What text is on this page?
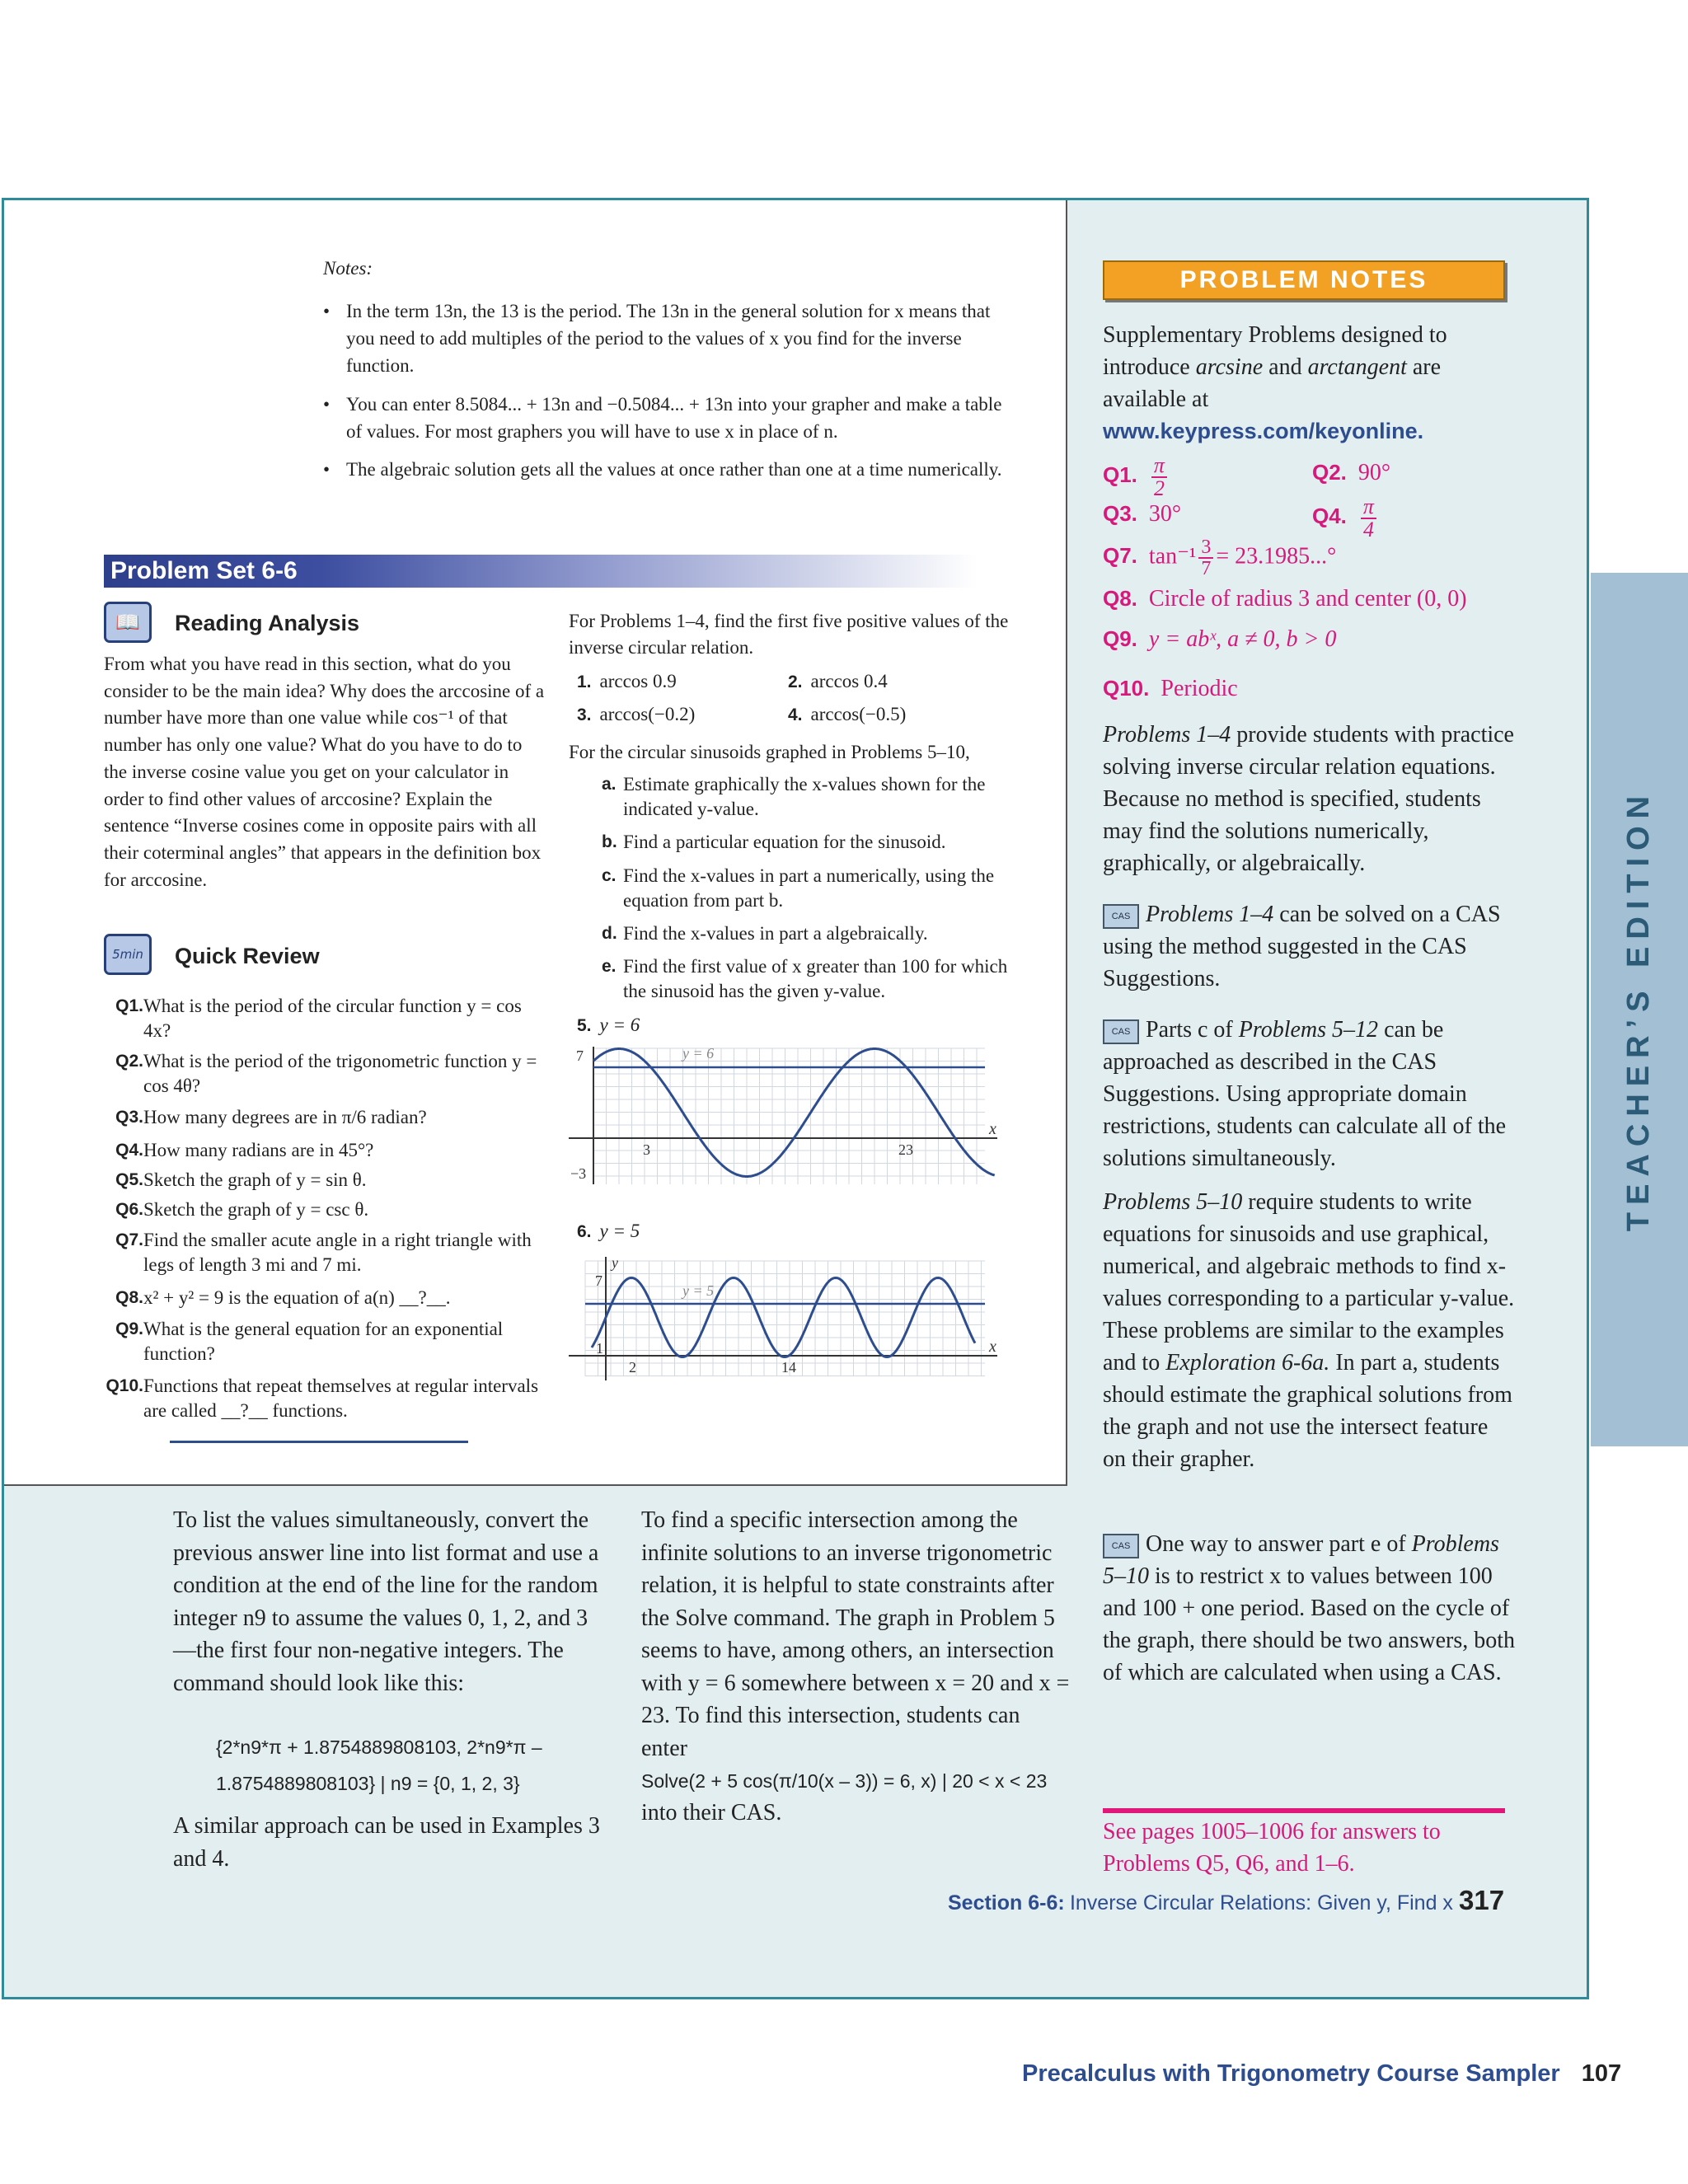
TEACHER’S EDITION
Notes:
• In the term 13n, the 13 is the period. The 13n in the general solution for x means that you need to add multiples of the period to the values of x you find for the inverse function.
• You can enter 8.5084... + 13n and −0.5084... + 13n into your grapher and make a table of values. For most graphers you will have to use x in place of n.
• The algebraic solution gets all the values at once rather than one at a time numerically.
Problem Set 6-6
📖	Reading Analysis
From what you have read in this section, what do you consider to be the main idea? Why does the arccosine of a number have more than one value while cos⁻¹ of that number has only one value? What do you have to do to the inverse cosine value you get on your calculator in order to find other values of arccosine? Explain the sentence “Inverse cosines come in opposite pairs with all their coterminal angles” that appears in the definition box for arccosine.
5min Quick Review
Q1. What is the period of the circular function y = cos 4x?
Q2. What is the period of the trigonometric function y = cos 4θ?
Q3. How many degrees are in π/6 radian?
Q4. How many radians are in 45°?
Q5. Sketch the graph of y = sin θ.
Q6. Sketch the graph of y = csc θ.
Q7. Find the smaller acute angle in a right triangle with legs of length 3 mi and 7 mi.
Q8. x² + y² = 9 is the equation of a(n) __?__.
Q9. What is the general equation for an exponential function?
Q10. Functions that repeat themselves at regular intervals are called __?__ functions.
For Problems 1–4, find the first five positive values of the inverse circular relation.
1. arccos 0.9	2. arccos 0.4
3. arccos(−0.2)	4. arccos(−0.5)
For the circular sinusoids graphed in Problems 5–10,
a. Estimate graphically the x-values shown for the indicated y-value.
b. Find a particular equation for the sinusoid.
c. Find the x-values in part a numerically, using the equation from part b.
d. Find the x-values in part a algebraically.
e. Find the first value of x greater than 100 for which the sinusoid has the given y-value.
5. y = 6
y = 6
7
−3
3	23
x
6. y = 5
y = 5
y
7
1
2	14
x
PROBLEM NOTES
Supplementary Problems designed to introduce arcsine and arctangent are available at www.keypress.com/keyonline.
Q1. $\frac{\pi}{2}$	Q2. 90°
Q3. 30°	Q4. $\frac{\pi}{4}$
Q7. $\tan^{-1} \frac{3}{7} = 23.1985...^\circ$
Q8. Circle of radius 3 and center (0, 0)
Q9. y = abˣ, a ≠ 0, b > 0
Q10. Periodic
Problems 1–4 provide students with practice solving inverse circular relation equations. Because no method is specified, students may find the solutions numerically, graphically, or algebraically.
CAS Problems 1–4 can be solved on a CAS using the method suggested in the CAS Suggestions.
CAS Parts c of Problems 5–12 can be approached as described in the CAS Suggestions. Using appropriate domain restrictions, students can calculate all of the solutions simultaneously.
Problems 5–10 require students to write equations for sinusoids and use graphical, numerical, and algebraic methods to find x-values corresponding to a particular y-value. These problems are similar to the examples and to Exploration 6-6a. In part a, students should estimate the graphical solutions from the graph and not use the intersect feature on their grapher.
CAS One way to answer part e of Problems 5–10 is to restrict x to values between 100 and 100 + one period. Based on the cycle of the graph, there should be two answers, both of which are calculated when using a CAS.
See pages 1005–1006 for answers to Problems Q5, Q6, and 1–6.
To list the values simultaneously, convert the previous answer line into list format and use a condition at the end of the line for the random integer n9 to assume the values 0, 1, 2, and 3—the first four non-negative integers. The command should look like this:
{2*n9*π + 1.8754889808103, 2*n9*π – 1.8754889808103} | n9 = {0, 1, 2, 3}
A similar approach can be used in Examples 3 and 4.
To find a specific intersection among the infinite solutions to an inverse trigonometric relation, it is helpful to state constraints after the Solve command. The graph in Problem 5 seems to have, among others, an intersection with y = 6 somewhere between x = 20 and x = 23. To find this intersection, students can enter
Solve(2 + 5 cos(π/10(x – 3)) = 6, x) | 20 < x < 23
into their CAS.
Section 6-6: Inverse Circular Relations: Given y, Find x 317
Precalculus with Trigonometry Course Sampler 107
